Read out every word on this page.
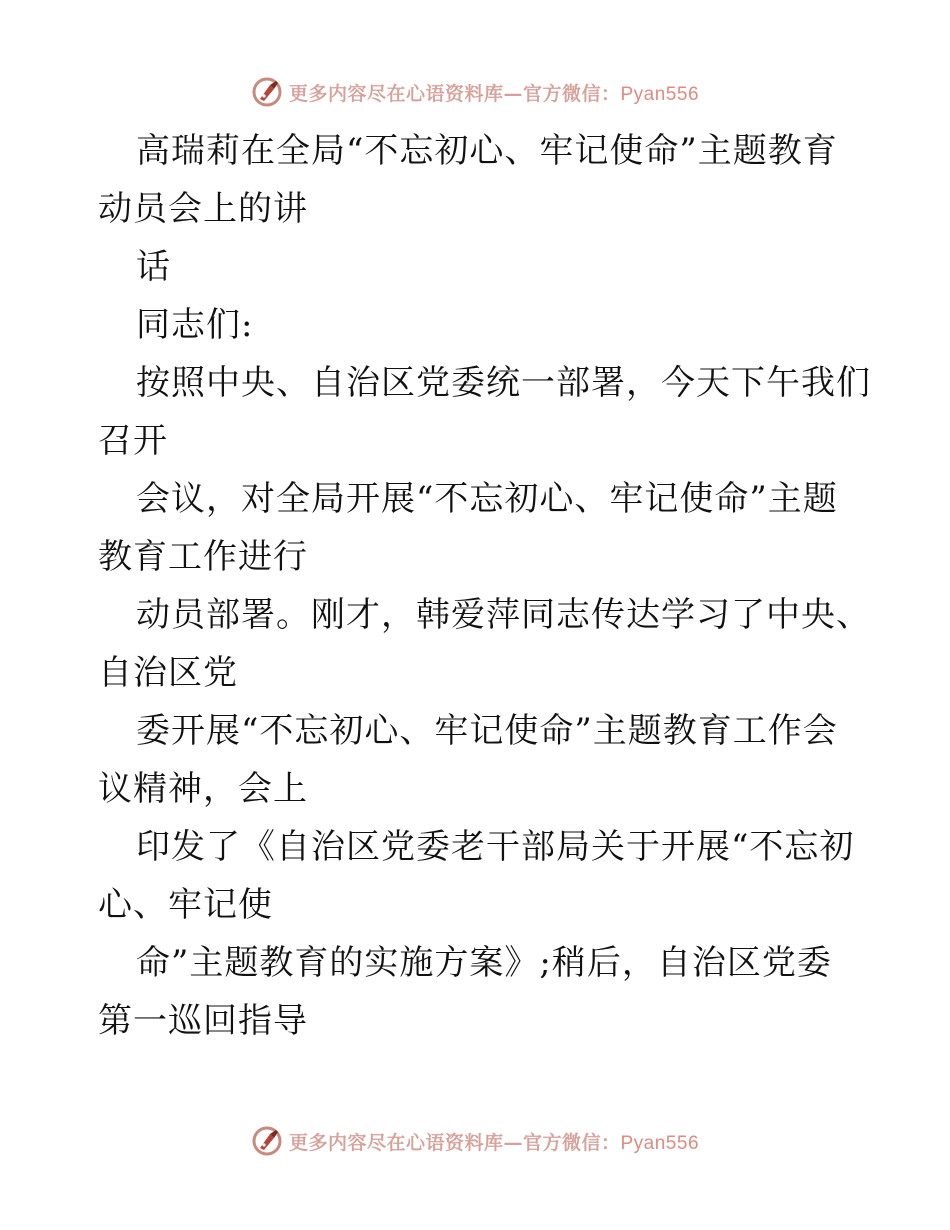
更多内容尽在心语资料库—官方微信：Pyan556
高瑞莉在全局“不忘初心、牢记使命”主题教育
动员会上的讲
话
同志们:
按照中央、自治区党委统一部署，今天下午我们
召开
会议，对全局开展“不忘初心、牢记使命”主题
教育工作进行
动员部署。刚才，韩爱萍同志传达学习了中央、
自治区党
委开展“不忘初心、牢记使命”主题教育工作会
议精神，会上
印发了《自治区党委老干部局关于开展“不忘初
心、牢记使
命”主题教育的实施方案》;稍后，自治区党委
第一巡回指导
更多内容尽在心语资料库—官方微信：Pyan556
